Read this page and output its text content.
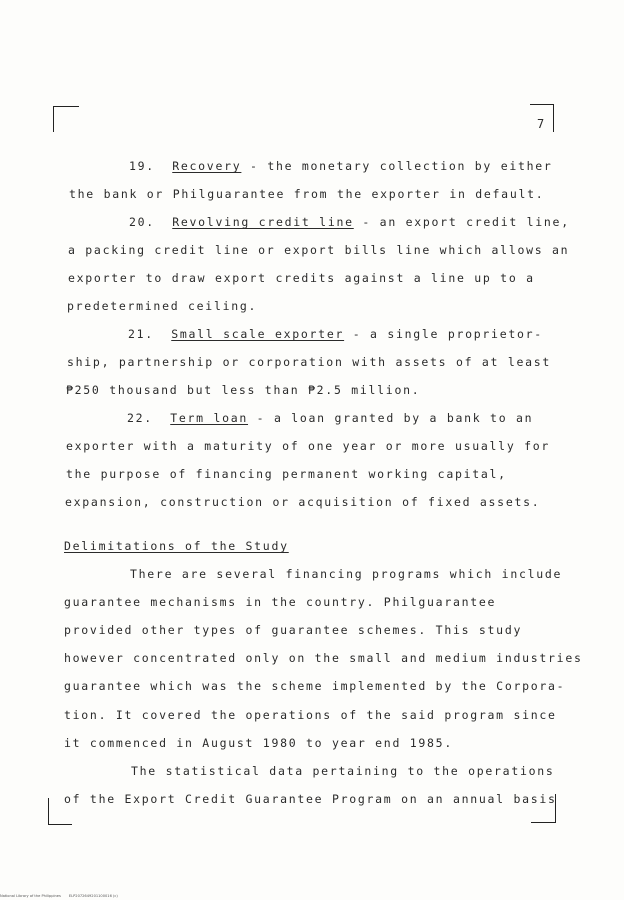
7
19. Recovery - the monetary collection by either
the bank or Philguarantee from the exporter in default.
20. Revolving credit line - an export credit line,
a packing credit line or export bills line which allows an
exporter to draw export credits against a line up to a
predetermined ceiling.
21. Small scale exporter - a single proprietor-
ship, partnership or corporation with assets of at least
₱250 thousand but less than ₱2.5 million.
22. Term loan - a loan granted by a bank to an
exporter with a maturity of one year or more usually for
the purpose of financing permanent working capital,
expansion, construction or acquisition of fixed assets.
Delimitations of the Study
There are several financing programs which include
guarantee mechanisms in the country. Philguarantee
provided other types of guarantee schemes. This study
however concentrated only on the small and medium industries
guarantee which was the scheme implemented by the Corpora-
tion. It covered the operations of the said program since
it commenced in August 1980 to year end 1985.
The statistical data pertaining to the operations
of the Export Credit Guarantee Program on an annual basis
National Library of the Philippines ELP2072649201100016 (c)
